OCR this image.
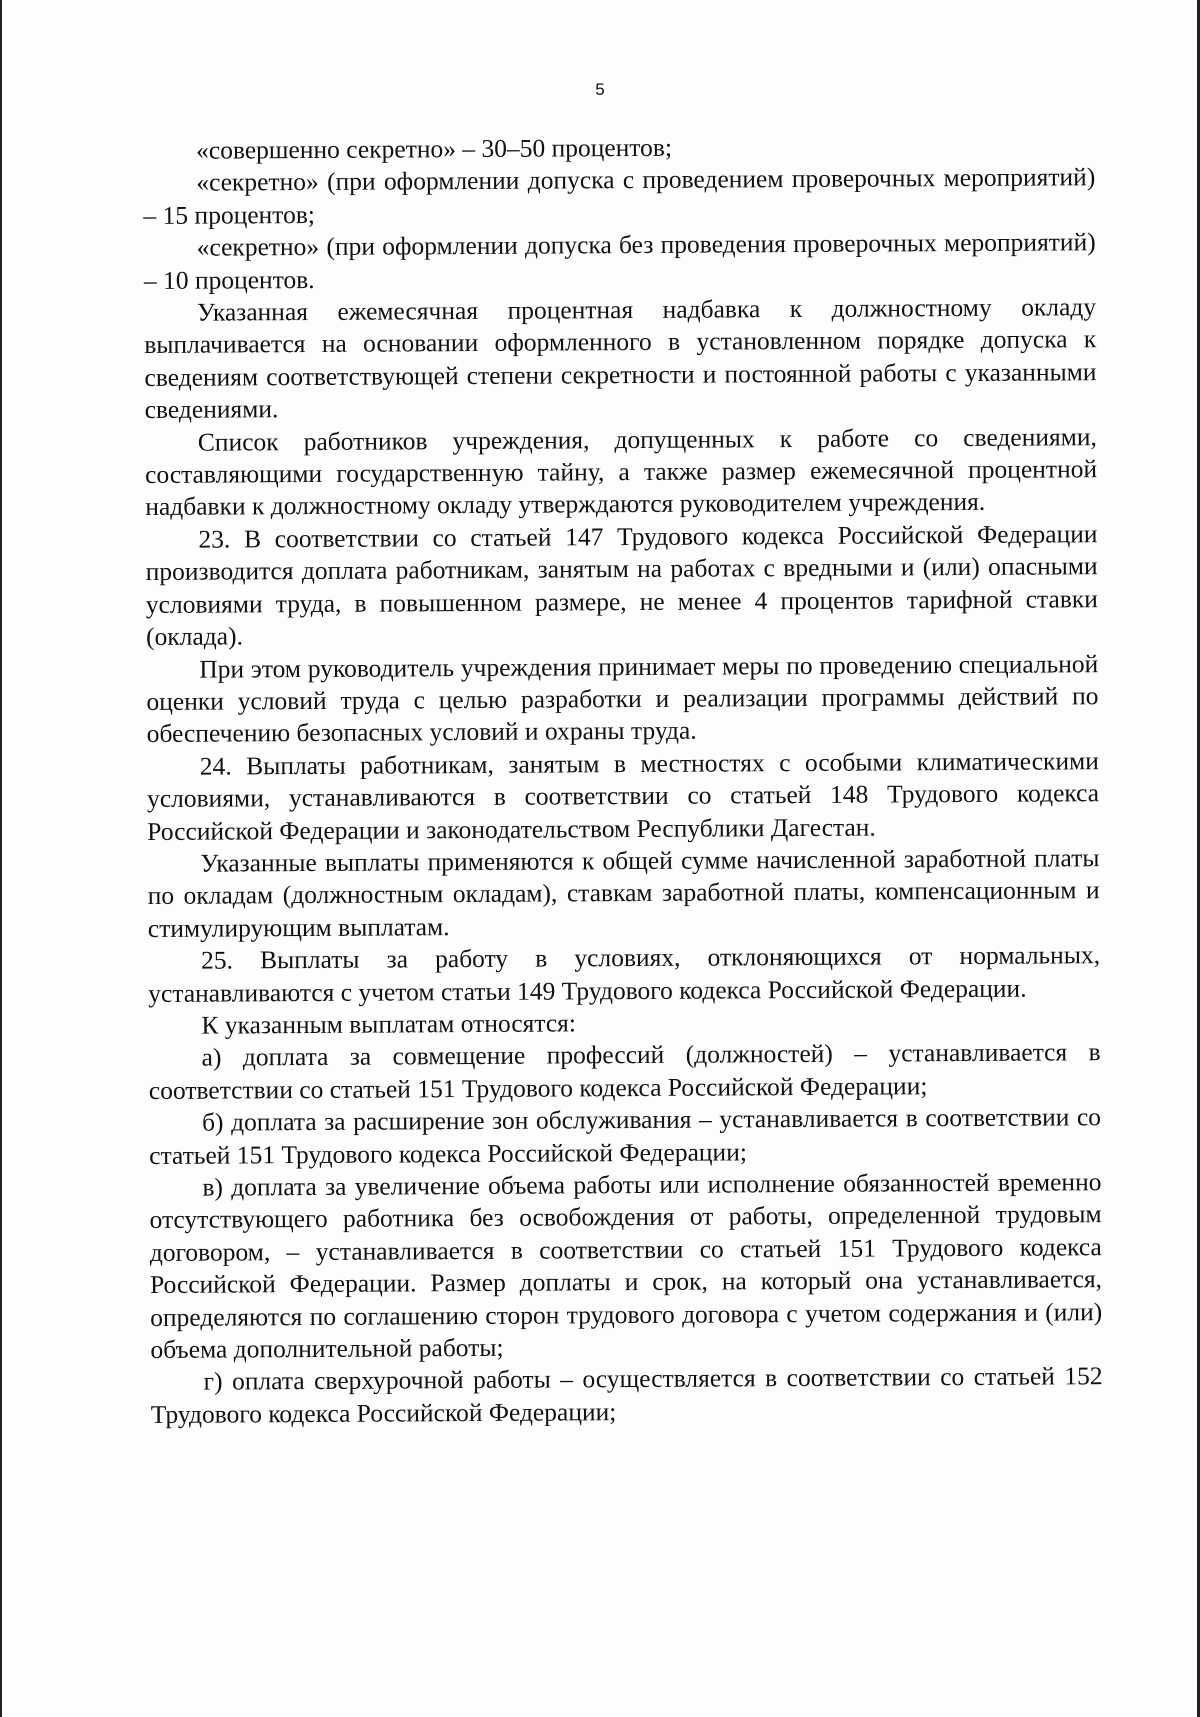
5

«совершенно секретно» – 30–50 процентов;

«секретно» (при оформлении допуска с проведением проверочных мероприятий) – 15 процентов;

«секретно» (при оформлении допуска без проведения проверочных мероприятий) – 10 процентов.

Указанная ежемесячная процентная надбавка к должностному окладу выплачивается на основании оформленного в установленном порядке допуска к сведениям соответствующей степени секретности и постоянной работы с указанными сведениями.

Список работников учреждения, допущенных к работе со сведениями, составляющими государственную тайну, а также размер ежемесячной процентной надбавки к должностному окладу утверждаются руководителем учреждения.

23. В соответствии со статьей 147 Трудового кодекса Российской Федерации производится доплата работникам, занятым на работах с вредными и (или) опасными условиями труда, в повышенном размере, не менее 4 процентов тарифной ставки (оклада).

При этом руководитель учреждения принимает меры по проведению специальной оценки условий труда с целью разработки и реализации программы действий по обеспечению безопасных условий и охраны труда.

24. Выплаты работникам, занятым в местностях с особыми климатическими условиями, устанавливаются в соответствии со статьей 148 Трудового кодекса Российской Федерации и законодательством Республики Дагестан.

Указанные выплаты применяются к общей сумме начисленной заработной платы по окладам (должностным окладам), ставкам заработной платы, компенсационным и стимулирующим выплатам.

25. Выплаты за работу в условиях, отклоняющихся от нормальных, устанавливаются с учетом статьи 149 Трудового кодекса Российской Федерации.

К указанным выплатам относятся:

а) доплата за совмещение профессий (должностей) – устанавливается в соответствии со статьей 151 Трудового кодекса Российской Федерации;

б) доплата за расширение зон обслуживания – устанавливается в соответствии со статьей 151 Трудового кодекса Российской Федерации;

в) доплата за увеличение объема работы или исполнение обязанностей временно отсутствующего работника без освобождения от работы, определенной трудовым договором, – устанавливается в соответствии со статьей 151 Трудового кодекса Российской Федерации. Размер доплаты и срок, на который она устанавливается, определяются по соглашению сторон трудового договора с учетом содержания и (или) объема дополнительной работы;

г) оплата сверхурочной работы – осуществляется в соответствии со статьей 152 Трудового кодекса Российской Федерации;
